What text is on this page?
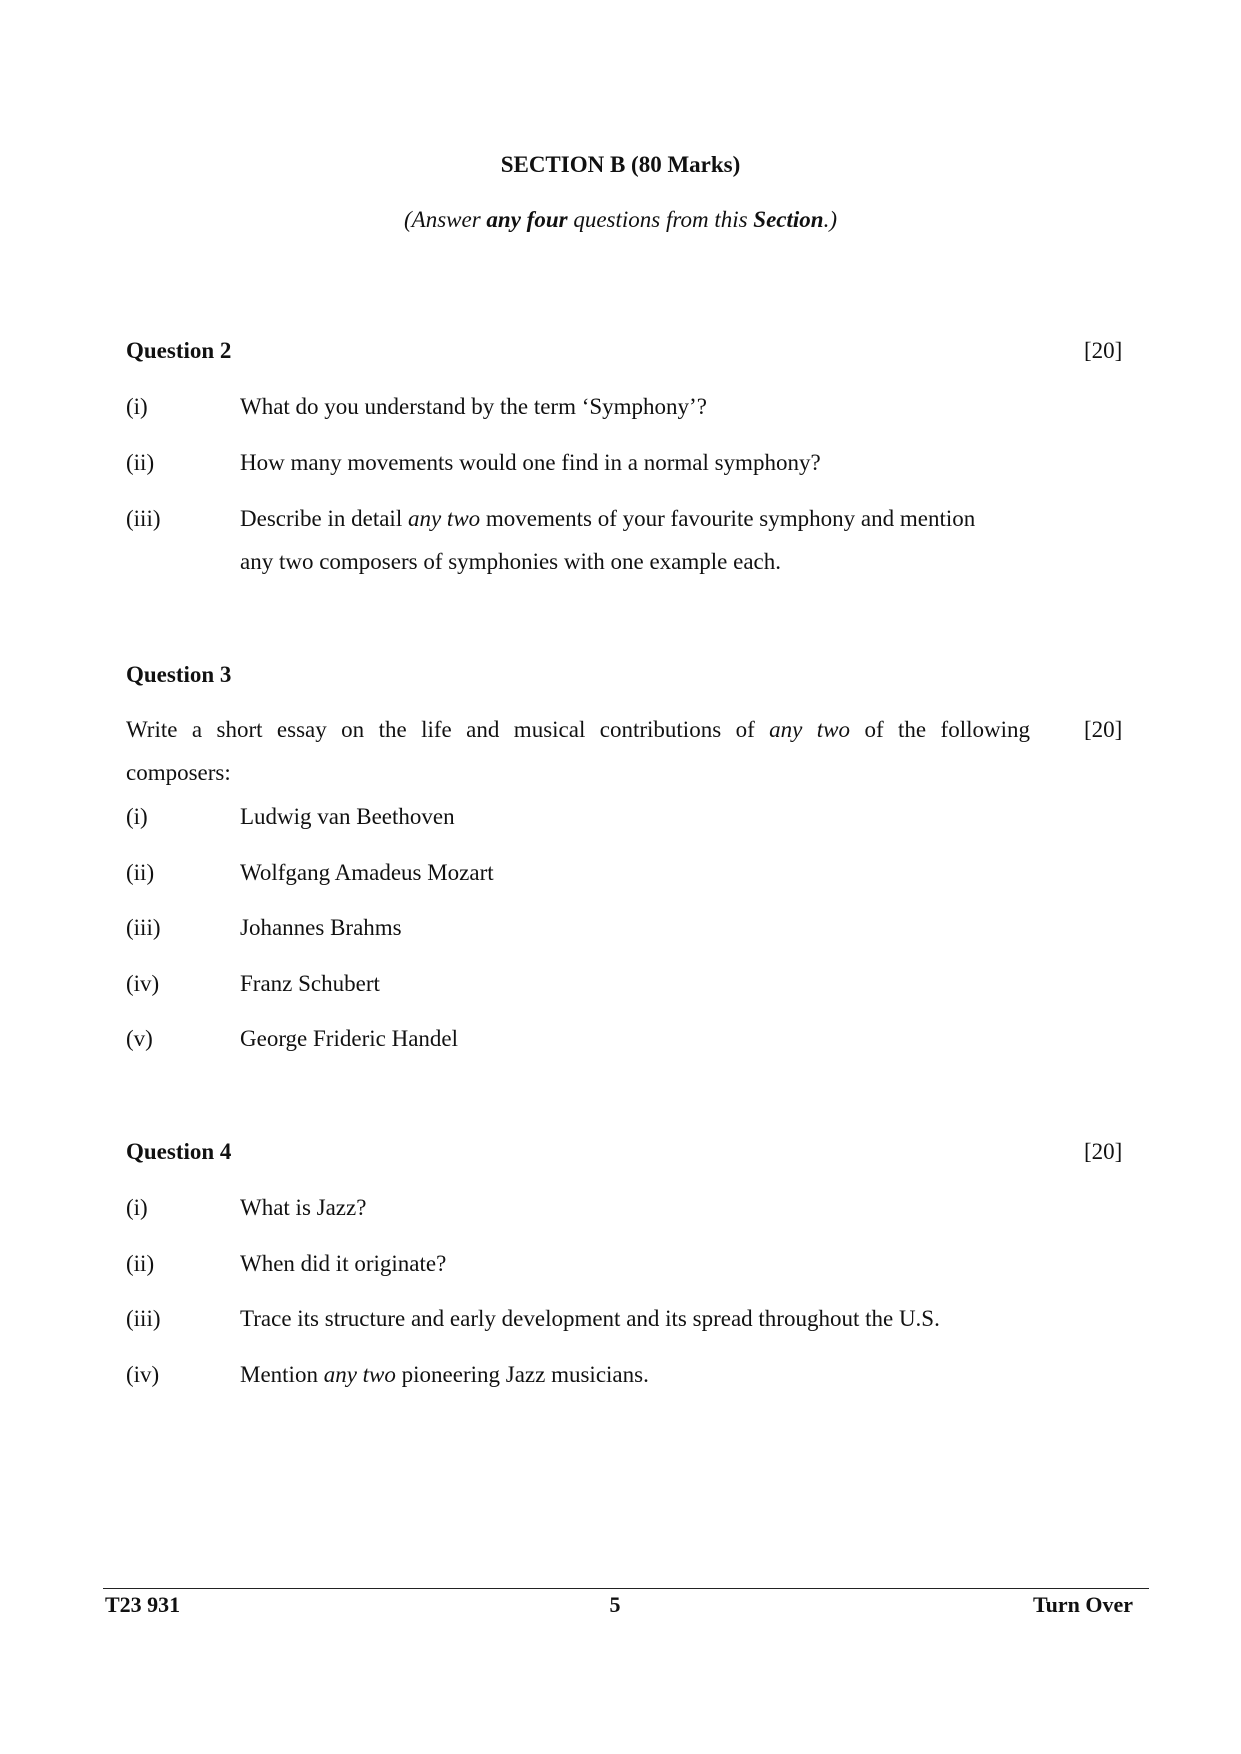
SECTION B (80 Marks)
(Answer any four questions from this Section.)
Question 2	[20]
(i)	What do you understand by the term ‘Symphony’?
(ii)	How many movements would one find in a normal symphony?
(iii)	Describe in detail any two movements of your favourite symphony and mention
any two composers of symphonies with one example each.
Question 3
[20]
Write a short essay on the life and musical contributions of any two of the following
composers:
(i)	Ludwig van Beethoven
(ii)	Wolfgang Amadeus Mozart
(iii)	Johannes Brahms
(iv)	Franz Schubert
(v)	George Frideric Handel
Question 4	[20]
(i)	What is Jazz?
(ii)	When did it originate?
(iii)	Trace its structure and early development and its spread throughout the U.S.
(iv)	Mention any two pioneering Jazz musicians.
T23 931	5	Turn Over
